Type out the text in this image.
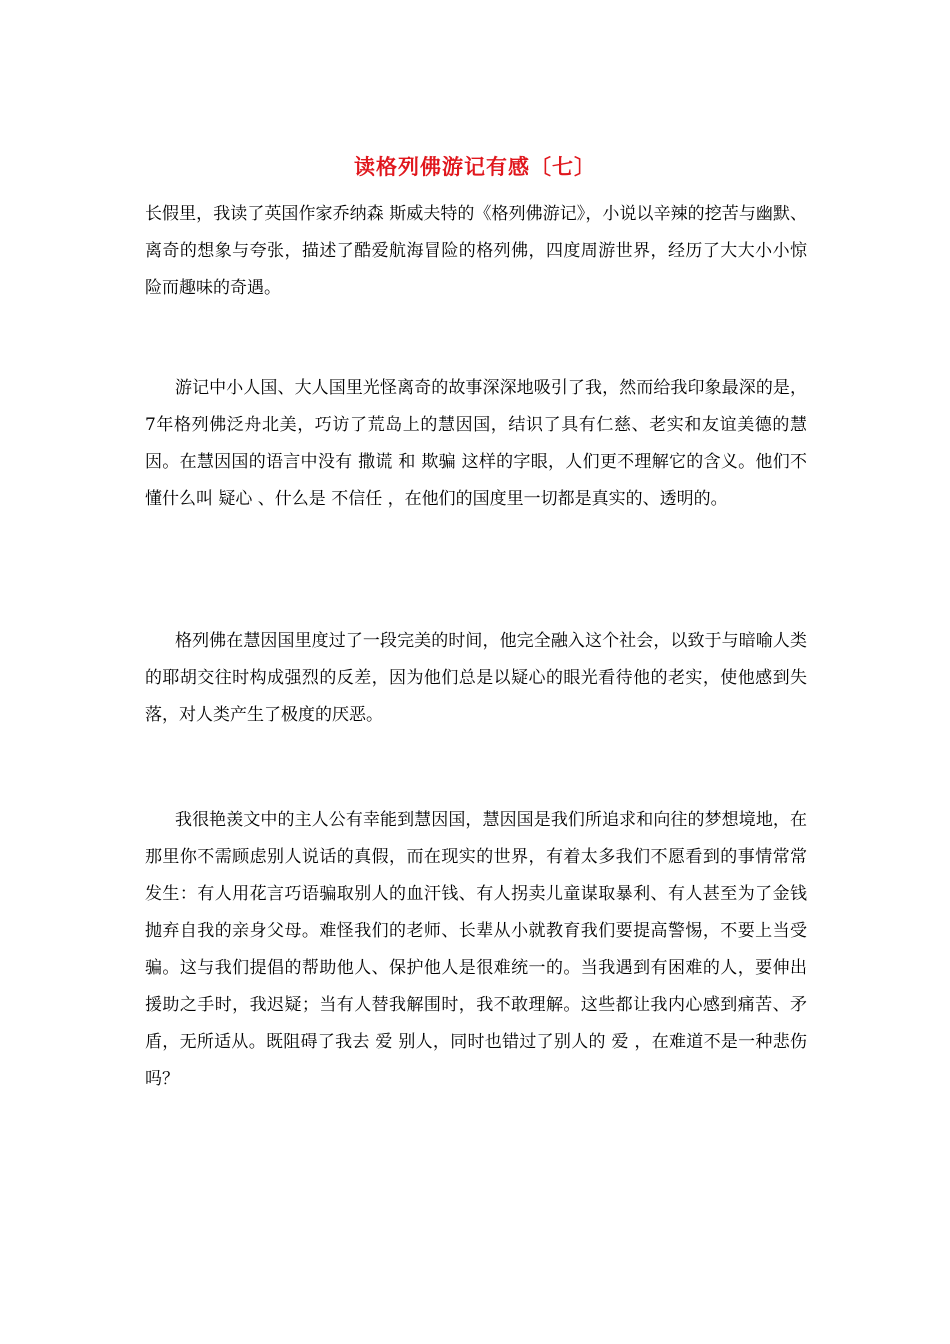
读格列佛游记有感〔七〕

长假里，我读了英国作家乔纳森 斯威夫特的《格列佛游记》，小说以辛辣的挖苦与幽默、离奇的想象与夸张，描述了酷爱航海冒险的格列佛，四度周游世界，经历了大大小小惊险而趣味的奇遇。

游记中小人国、大人国里光怪离奇的故事深深地吸引了我，然而给我印象最深的是，7年格列佛泛舟北美，巧访了荒岛上的慧因国，结识了具有仁慈、老实和友谊美德的慧因。在慧因国的语言中没有 撒谎 和 欺骗 这样的字眼，人们更不理解它的含义。他们不懂什么叫 疑心 、什么是 不信任 ，在他们的国度里一切都是真实的、透明的。

格列佛在慧因国里度过了一段完美的时间，他完全融入这个社会，以致于与暗喻人类的耶胡交往时构成强烈的反差，因为他们总是以疑心的眼光看待他的老实，使他感到失落，对人类产生了极度的厌恶。

我很艳羡文中的主人公有幸能到慧因国，慧因国是我们所追求和向往的梦想境地，在那里你不需顾虑别人说话的真假，而在现实的世界，有着太多我们不愿看到的事情常常发生：有人用花言巧语骗取别人的血汗钱、有人拐卖儿童谋取暴利、有人甚至为了金钱抛弃自我的亲身父母。难怪我们的老师、长辈从小就教育我们要提高警惕，不要上当受骗。这与我们提倡的帮助他人、保护他人是很难统一的。当我遇到有困难的人，要伸出援助之手时，我迟疑；当有人替我解围时，我不敢理解。这些都让我内心感到痛苦、矛盾，无所适从。既阻碍了我去 爱 别人，同时也错过了别人的 爱 ，在难道不是一种悲伤吗？
